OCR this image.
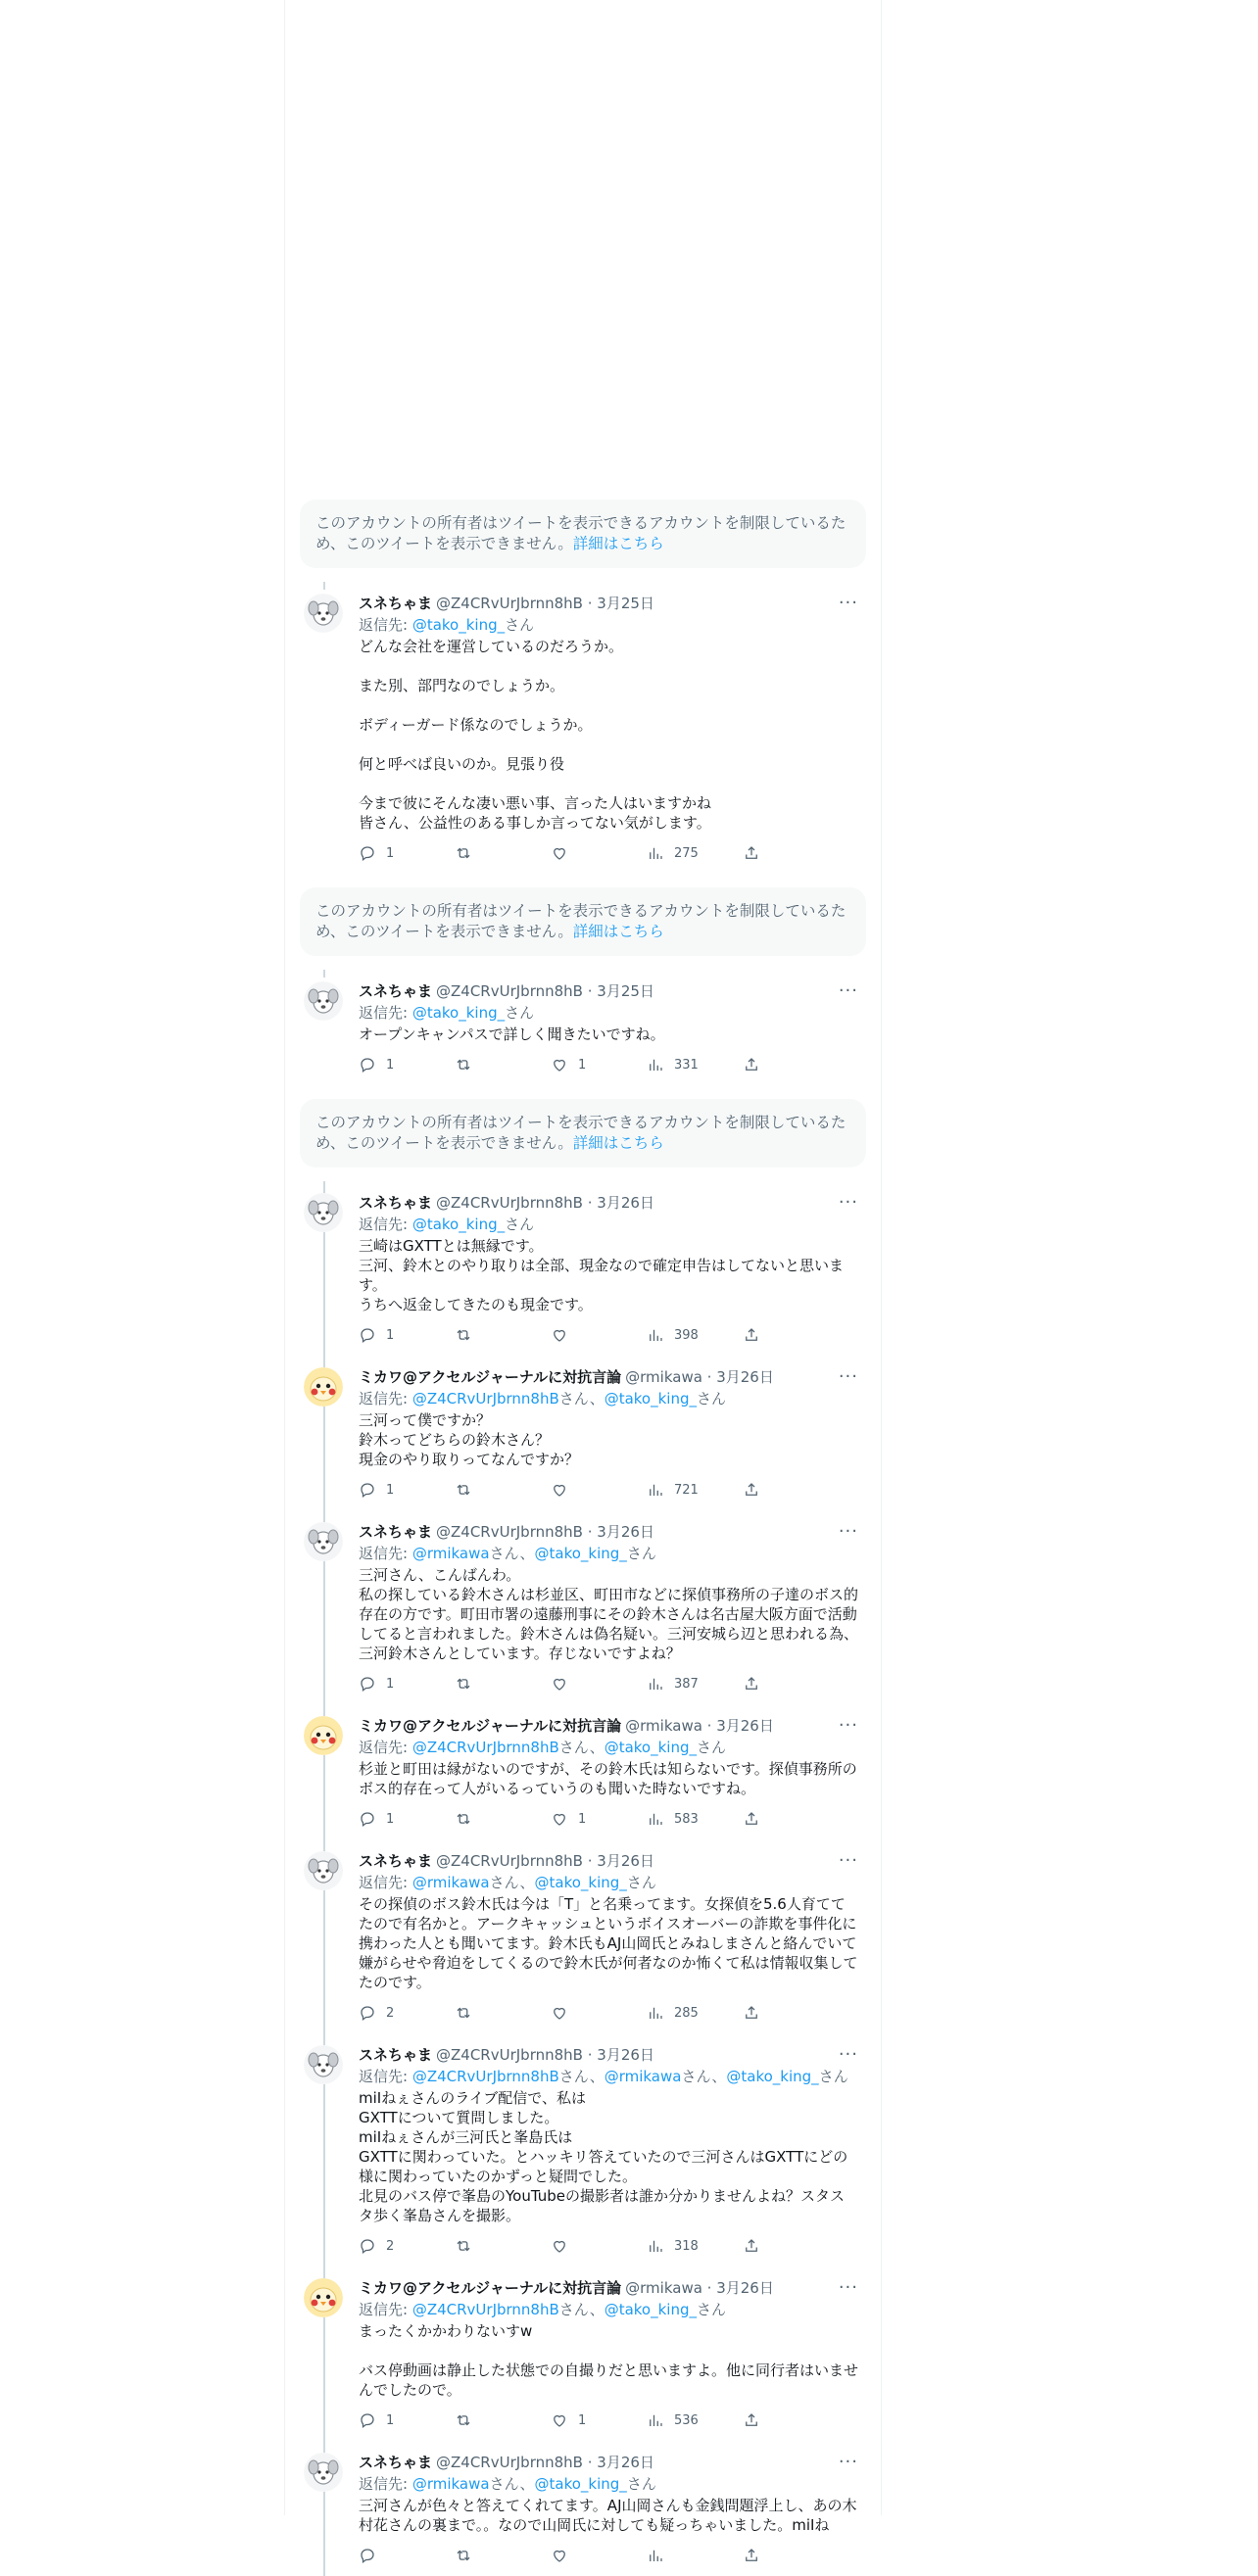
このアカウントの所有者はツイートを表示できるアカウントを制限しているため、このツイートを表示できません。詳細はこちら
スネちゃま @Z4CRvUrJbrnn8hB · 3月25日	···
返信先: @tako_king_さん
どんな会社を運営しているのだろうか。

また別、部門なのでしょうか。

ボディーガード係なのでしょうか。

何と呼べば良いのか。見張り役

今まで彼にそんな凄い悪い事、言った人はいますかね
皆さん、公益性のある事しか言ってない気がします。
1	275
このアカウントの所有者はツイートを表示できるアカウントを制限しているため、このツイートを表示できません。詳細はこちら
スネちゃま @Z4CRvUrJbrnn8hB · 3月25日	···
返信先: @tako_king_さん
オープンキャンパスで詳しく聞きたいですね。
1	1	331
このアカウントの所有者はツイートを表示できるアカウントを制限しているため、このツイートを表示できません。詳細はこちら
スネちゃま @Z4CRvUrJbrnn8hB · 3月26日	···
返信先: @tako_king_さん
三崎はGXTTとは無縁です。
三河、鈴木とのやり取りは全部、現金なので確定申告はしてないと思います。
うちへ返金してきたのも現金です。
1	398
ミカワ@アクセルジャーナルに対抗言論 @rmikawa · 3月26日	···
返信先: @Z4CRvUrJbrnn8hBさん、@tako_king_さん
三河って僕ですか？
鈴木ってどちらの鈴木さん？
現金のやり取りってなんですか？
1	721
スネちゃま @Z4CRvUrJbrnn8hB · 3月26日	···
返信先: @rmikawaさん、@tako_king_さん
三河さん、こんばんわ。
私の探している鈴木さんは杉並区、町田市などに探偵事務所の子達のボス的存在の方です。町田市署の遠藤刑事にその鈴木さんは名古屋大阪方面で活動してると言われました。鈴木さんは偽名疑い。三河安城ら辺と思われる為、三河鈴木さんとしています。存じないですよね？
1	387
ミカワ@アクセルジャーナルに対抗言論 @rmikawa · 3月26日	···
返信先: @Z4CRvUrJbrnn8hBさん、@tako_king_さん
杉並と町田は縁がないのですが、その鈴木氏は知らないです。探偵事務所のボス的存在って人がいるっていうのも聞いた時ないですね。
1	1	583
スネちゃま @Z4CRvUrJbrnn8hB · 3月26日	···
返信先: @rmikawaさん、@tako_king_さん
その探偵のボス鈴木氏は今は「T」と名乗ってます。女探偵を5.6人育ててたので有名かと。アークキャッシュというボイスオーバーの詐欺を事件化に携わった人とも聞いてます。鈴木氏もAJ山岡氏とみねしまさんと絡んでいて嫌がらせや脅迫をしてくるので鈴木氏が何者なのか怖くて私は情報収集してたのです。
2	285
スネちゃま @Z4CRvUrJbrnn8hB · 3月26日	···
返信先: @Z4CRvUrJbrnn8hBさん、@rmikawaさん、@tako_king_さん
miIねぇさんのライブ配信で、私は
GXTTについて質問しました。
miIねぇさんが三河氏と峯島氏は
GXTTに関わっていた。とハッキリ答えていたので三河さんはGXTTにどの様に関わっていたのかずっと疑問でした。
北見のバス停で峯島のYouTubeの撮影者は誰か分かりませんよね？スタスタ歩く峯島さんを撮影。
2	318
ミカワ@アクセルジャーナルに対抗言論 @rmikawa · 3月26日	···
返信先: @Z4CRvUrJbrnn8hBさん、@tako_king_さん
まったくかかわりないすw

バス停動画は静止した状態での自撮りだと思いますよ。他に同行者はいませんでしたので。
1	1	536
スネちゃま @Z4CRvUrJbrnn8hB · 3月26日	···
返信先: @rmikawaさん、@tako_king_さん
三河さんが色々と答えてくれてます。AJ山岡さんも金銭問題浮上し、あの木村花さんの裏まで。。なので山岡氏に対しても疑っちゃいました。miIね
